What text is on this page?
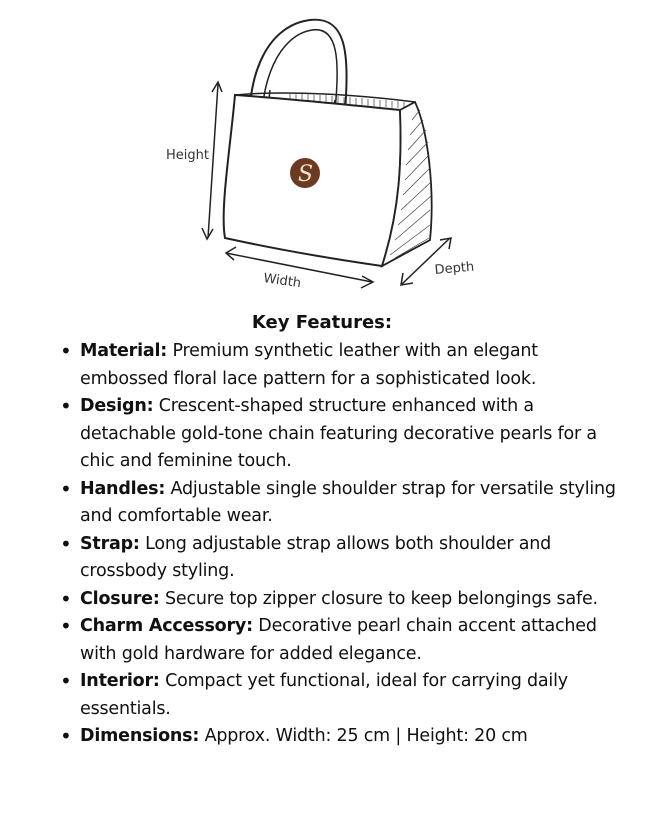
S
Height
Width
Depth
Key Features:
• Material: Premium synthetic leather with an elegant embossed floral lace pattern for a sophisticated look.
• Design: Crescent-shaped structure enhanced with a detachable gold-tone chain featuring decorative pearls for a chic and feminine touch.
• Handles: Adjustable single shoulder strap for versatile styling and comfortable wear.
• Strap: Long adjustable strap allows both shoulder and crossbody styling.
• Closure: Secure top zipper closure to keep belongings safe.
• Charm Accessory: Decorative pearl chain accent attached with gold hardware for added elegance.
• Interior: Compact yet functional, ideal for carrying daily essentials.
• Dimensions: Approx. Width: 25 cm | Height: 20 cm
